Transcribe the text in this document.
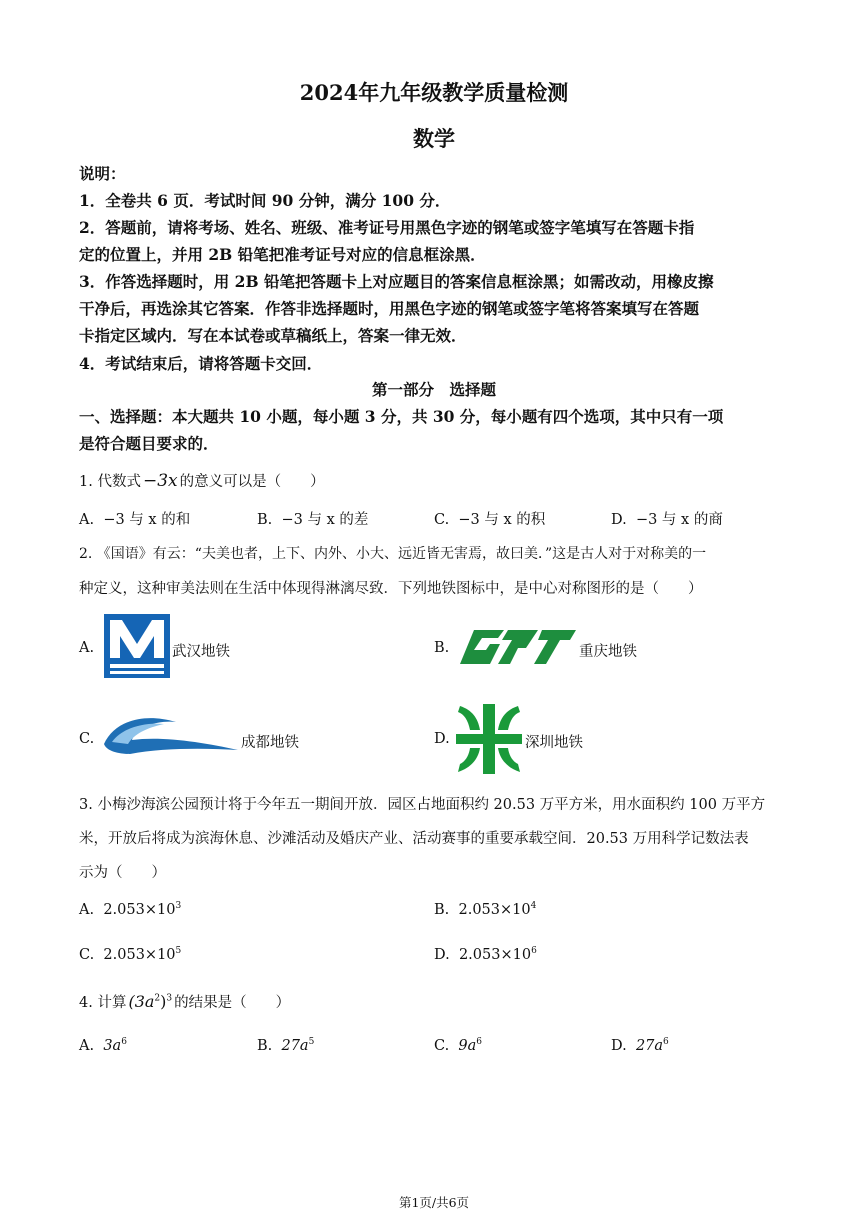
2024年九年级教学质量检测
数学
说明：
1．全卷共 6 页．考试时间 90 分钟，满分 100 分．
2．答题前，请将考场、姓名、班级、准考证号用黑色字迹的钢笔或签字笔填写在答题卡指
定的位置上，并用 2B 铅笔把准考证号对应的信息框涂黑．
3．作答选择题时，用 2B 铅笔把答题卡上对应题目的答案信息框涂黑；如需改动，用橡皮擦
干净后，再选涂其它答案．作答非选择题时，用黑色字迹的钢笔或签字笔将答案填写在答题
卡指定区域内．写在本试卷或草稿纸上，答案一律无效．
4．考试结束后，请将答题卡交回．
第一部分　选择题
一、选择题：本大题共 10 小题，每小题 3 分，共 30 分，每小题有四个选项，其中只有一项
是符合题目要求的．
1. 代数式 −3x 的意义可以是（　　）
A. −3 与 x 的和	B. −3 与 x 的差	C. −3 与 x 的积	D. −3 与 x 的商
2. 《国语》有云：“夫美也者，上下、内外、小大、远近皆无害焉，故曰美．”这是古人对于对称美的一
种定义，这种审美法则在生活中体现得淋漓尽致．下列地铁图标中，是中心对称图形的是（　　）
A.	武汉地铁	B.	重庆地铁
C.	成都地铁	D.	深圳地铁
3. 小梅沙海滨公园预计将于今年五一期间开放．园区占地面积约 20.53 万平方米，用水面积约 100 万平方
米，开放后将成为滨海休息、沙滩活动及婚庆产业、活动赛事的重要承载空间．20.53 万用科学记数法表
示为（　　）
A. $2.053\times 10^3$	B. $2.053\times 10^4$
C. $2.053\times 10^5$	D. $2.053\times 10^6$
4. 计算 $(3a^2)^3$ 的结果是（　　）
A. $3a^6$	B. $27a^5$	C. $9a^6$	D. $27a^6$
第1页/共6页
